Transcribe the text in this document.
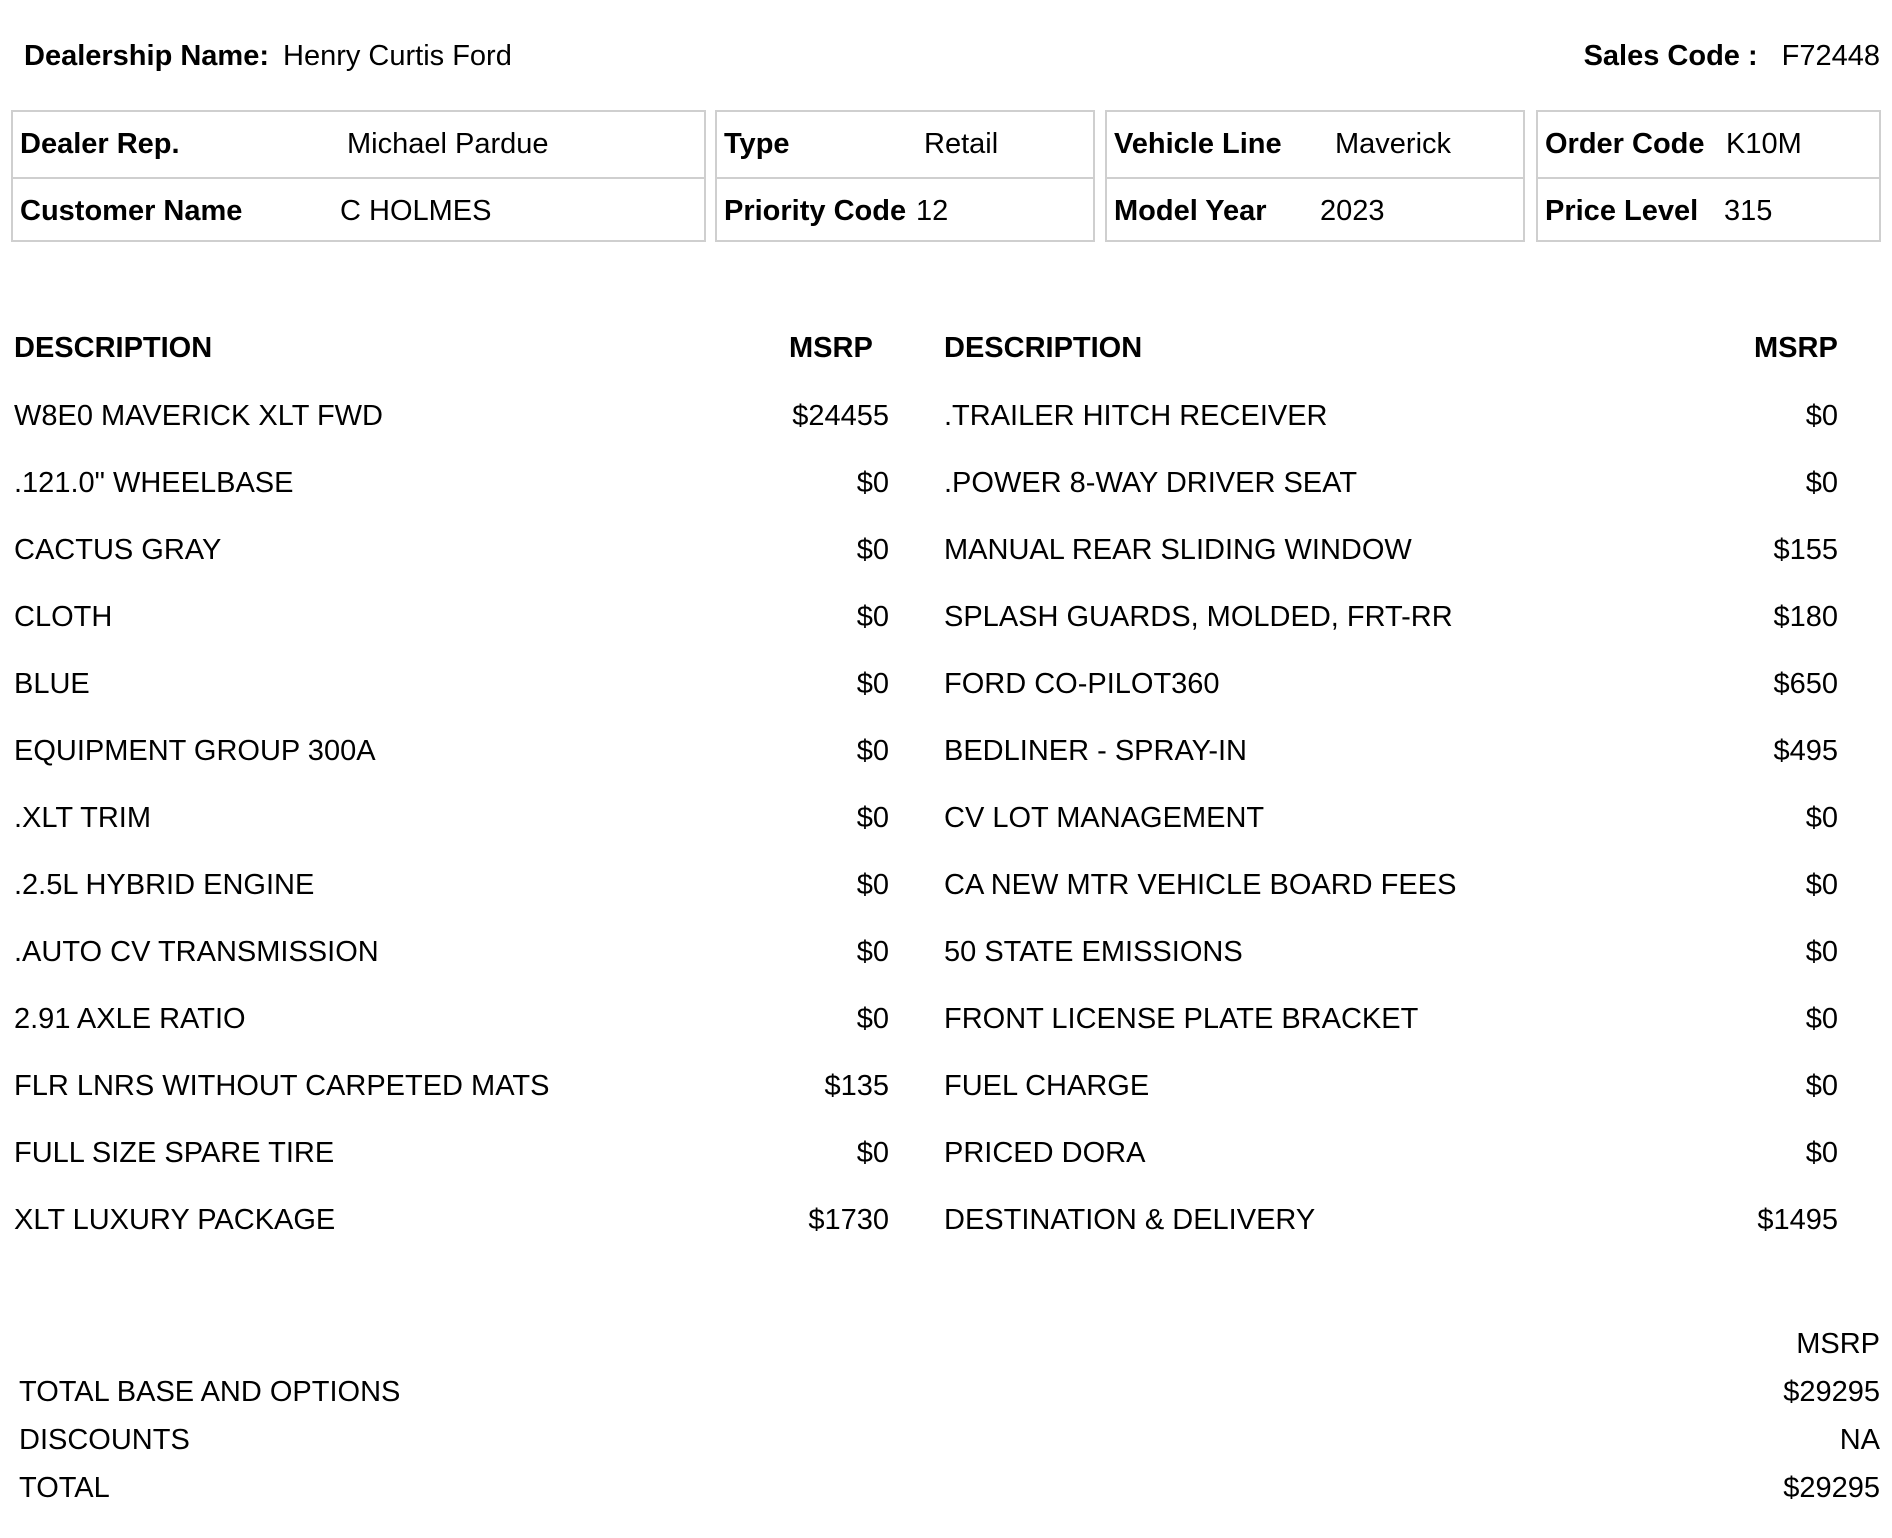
Dealership Name: Henry Curtis Ford	Sales Code : F72448
Dealer Rep.	Michael Pardue
Customer Name	C HOLMES
Type	Retail
Priority Code 12
Vehicle Line Maverick
Model Year 2023
Order Code K10M
Price Level 315
DESCRIPTION	MSRP DESCRIPTION	MSRP
W8E0 MAVERICK XLT FWD	$24455
.121.0" WHEELBASE	$0
CACTUS GRAY	$0
CLOTH	$0
BLUE	$0
EQUIPMENT GROUP 300A	$0
.XLT TRIM	$0
.2.5L HYBRID ENGINE	$0
.AUTO CV TRANSMISSION	$0
2.91 AXLE RATIO	$0
FLR LNRS WITHOUT CARPETED MATS	$135
FULL SIZE SPARE TIRE	$0
XLT LUXURY PACKAGE	$1730
.TRAILER HITCH RECEIVER	$0
.POWER 8-WAY DRIVER SEAT	$0
MANUAL REAR SLIDING WINDOW	$155
SPLASH GUARDS, MOLDED, FRT-RR	$180
FORD CO-PILOT360	$650
BEDLINER - SPRAY-IN	$495
CV LOT MANAGEMENT	$0
CA NEW MTR VEHICLE BOARD FEES	$0
50 STATE EMISSIONS	$0
FRONT LICENSE PLATE BRACKET	$0
FUEL CHARGE	$0
PRICED DORA	$0
DESTINATION & DELIVERY	$1495
MSRP
TOTAL BASE AND OPTIONS	$29295
DISCOUNTS	NA
TOTAL	$29295
